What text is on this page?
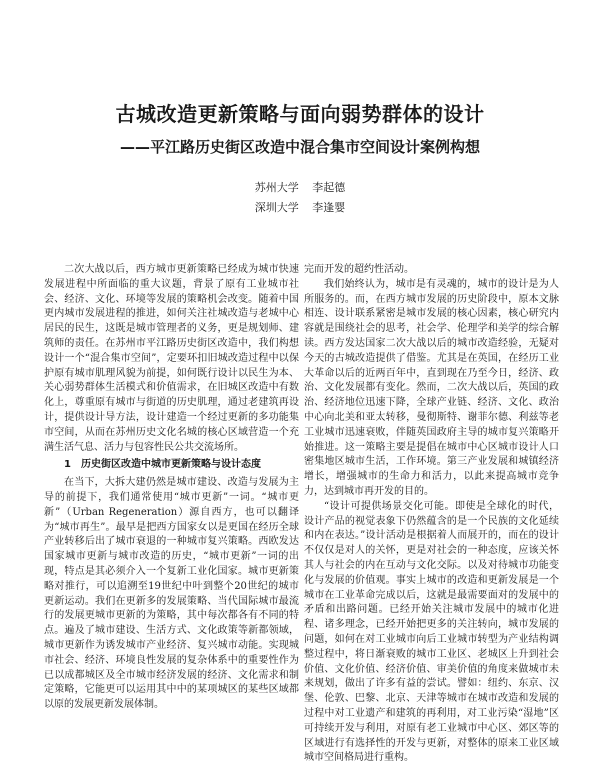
古城改造更新策略与面向弱势群体的设计
——平江路历史街区改造中混合集市空间设计案例构想
苏州大学 李起德
深圳大学 李逢婴

二次大战以后，西方城市更新策略已经成为城市快速发展进程中所面临的重大议题，背景了原有工业城市社会、经济、文化、环境等发展的策略机会改变。随着中国更内城市发展进程的推进，如何关注社城改造与老城中心居民的民生，这既是城市管理者的义务，更是规划师、建筑师的责任。在苏州市平江路历史街区改造中，我们构想设计一个“混合集市空间”，定要环扣旧城改造过程中以保护原有城市肌理风貌为前提，如何既行设计以民生为本、关心弱势群体生活模式和价值需求，在旧城区改造中有数化上，尊重原有城市与街道的历史肌理，通过老建筑再设计，提供设计导方法，设计建造一个经过更新的多功能集市空间，从而在苏州历史文化名城的核心区域营造一个充满生活气息、活力与包容性民公共交流场所。

1　历史街区改造中城市更新策略与设计态度

在当下，大拆大建仍然是城市建设、改造与发展为主导的前提下，我们通常使用“城市更新”一词。“城市更新”（Urban Regeneration）源自西方，也可以翻译为“城市再生”。最早是把西方国家女以是更国在经历全球产业转移后出了城市衰退的一种城市复兴策略。西欧发达国家城市更新与城市改造的历史，“城市更新”一词的出现，特点是其必须介入一个复新工业化国家。城市更新策略对推行，可以追溯至19世纪中叶到整个20世纪的城市更新运动。我们在更新多的发展策略、当代国际城市最流行的发展更城市更新的为策略，其中每次都各有不同的特点。遍及了城市建设、生活方式、文化政策等新都领域，城市更新作为诱发城市产业经济、复兴城市动能。实现城市社会、经济、环境良性发展的复杂体系中的重要性作为已以成都城区及全市城市经济发展的经济、文化需求和制定策略，它能更可以运用其中中的某项城区的某些区域都以原的发展更新发展体制。

完而开发的超约性活动。

我们始终认为，城市是有灵魂的，城市的设计是为人所服务的。而，在西方城市发展的历史阶段中，原本文脉相连、设计联系紧密是城市发展的核心因素，核心研究内容就是围绕社会的思考，社会学、伦理学和美学的综合解读。西方发达国家二次大战以后的城市改造经验，无疑对今天的古城改造提供了借鉴。尤其是在英国，在经历工业大革命以后的近两百年中，直到现在乃至今日，经济、政治、文化发展都有变化。然而，二次大战以后，英国的政治、经济地位迅速下降，全球产业链、经济、文化、政治中心向北美和亚太转移，曼彻斯特、谢菲尔德、利兹等老工业城市迅速衰败，伴随英国政府主导的城市复兴策略开始推进。这一策略主要是提倡在城市中心区城市设计人口密集地区城市生活，工作环境。第三产业发展和城镇经济增长，增强城市的生命力和活力，以此来提高城市竞争力，达到城市再开发的目的。

“设计可提供场景交化可能。即使是全球化的时代，设计产品的视觉表象下仍然蕴含的是一个民族的文化延续和内在表达。”设计活动是根据着人而展开的，而在的设计不仅仅是对人的关怀，更是对社会的一种态度，应该关怀其人与社会的内在互动与文化交际。以及对待城市功能变化与发展的价值观。事实上城市的改造和更新发展是一个城市在工业革命完成以后，这就是最需要面对的发展中的矛盾和出路问题。已经开始关注城市发展中的城市化进程、诸多理念，已经开始把更多的关注转向，城市发展的问题，如何在对工业城市向后工业城市转型为产业结构调整过程中，将日渐衰败的城市工业区、老城区上升到社会价值、文化价值、经济价值、审美价值的角度来做城市未来规划，做出了许多有益的尝试。譬如：纽约、东京、汉堡、伦敦、巴黎、北京、天津等城市在城市改造和发展的过程中对工业遗产和建筑的再利用，对工业污染“湿地”区可持续开发与利用，对原有老工业城市中心区、郊区等的区域进行有选择性的开发与更新，对整体的原来工业区域城市空间格局进行重构。
